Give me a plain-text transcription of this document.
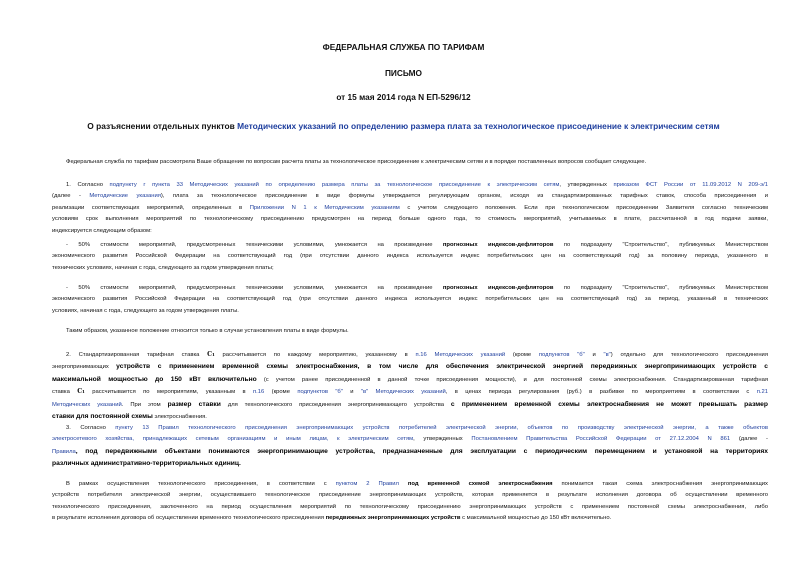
ФЕДЕРАЛЬНАЯ СЛУЖБА ПО ТАРИФАМ
ПИСЬМО
от 15 мая 2014 года N ЕП-5296/12
О разъяснении отдельных пунктов Методических указаний по определению размера плата за технологическое присоединение к электрическим сетям
Федеральная служба по тарифам рассмотрела Ваше обращение по вопросам расчета платы за технологическое присоединение к электрическим сетям и в порядке поставленных вопросов сообщает следующее.
1. Согласно подпункту г пункта 33 Методических указаний по определению размера платы за технологическое присоединение к электрическим сетям, утвержденных приказом ФСТ России от 11.09.2012 N 209-э/1
(далее - Методические указания), плата за технологическое присоединение в виде формулы утверждается регулирующим органом, исходя из стандартизированных тарифных ставок, способа присоединения и
реализации соответствующих мероприятий, определенных в Приложении N 1 к Методическим указаниям с учетом следующего положения. Если при технологическом присоединении Заявителя согласно техническим
условиям срок выполнения мероприятий по технологическому присоединению предусмотрен на период больше одного года, то стоимость мероприятий, учитываемых в плате, рассчитанной в год подачи заявки,
индексируется следующим образом:
- 50% стоимости мероприятий, предусмотренных техническими условиями, умножается на произведение прогнозных индексов-дефляторов по подразделу "Строительство", публикуемых Министерством
экономического развития Российской Федерации на соответствующий год (при отсутствии данного индекса используется индекс потребительских цен на соответствующий год) за половину периода, указанного в
технических условиях, начиная с года, следующего за годом утверждения платы;
- 50% стоимости мероприятий, предусмотренных техническими условиями, умножается на произведение прогнозных индексов-дефляторов по подразделу "Строительство", публикуемых Министерством
экономического развития Российской Федерации на соответствующий год (при отсутствии данного индекса используется индекс потребительских цен на соответствующий год) за период, указанный в технических
условиях, начиная с года, следующего за годом утверждения платы.
Таким образом, указанное положение относится только в случае установления платы в виде формулы.
2. Стандартизированная тарифная ставка C₁ рассчитывается по каждому мероприятию, указанному в п.16 Методических указаний (кроме подпунктов "б" и "в") отдельно для технологического присоединения
энергопринимающих устройств с применением временной схемы электроснабжения, в том числе для обеспечения электрической энергией передвижных энергопринимающих устройств с
максимальной мощностью до 150 кВт включительно (с учетом ранее присоединенной в данной точке присоединения мощности), и для постоянной схемы электроснабжения. Стандартизированная тарифная
ставка C₁ рассчитывается по мероприятиям, указанным в п.16 (кроме подпунктов "б" и "в" Методических указаний, в ценах периода регулирования (руб.) в разбивке по мероприятиям в соответствии с п.21
Методических указаний. При этом размер ставки для технологического присоединения энергопринимающего устройства с применением временной схемы электроснабжения не может превышать размер
ставки для постоянной схемы электроснабжения.
3. Согласно пункту 13 Правил технологического присоединения энергопринимающих устройств потребителей электрической энергии, объектов по производству электрической энергии, а также объектов
электросетевого хозяйства, принадлежащих сетевым организациям и иным лицам, к электрическим сетям, утвержденных Постановлением Правительства Российской Федерации от 27.12.2004 N 861 (далее -
Правила, под передвижными объектами понимаются энергопринимающие устройства, предназначенные для эксплуатации с периодическим перемещением и установкой на территориях
различных административно-территориальных единиц.
В рамках осуществления технологического присоединения, в соответствии с пунктом 2 Правил под временной схемой электроснабжения понимается такая схема электроснабжения энергопринимающих
устройств потребителя электрической энергии, осуществившего технологическое присоединение энергопринимающих устройств, которая применяется в результате исполнения договора об осуществлении временного
технологического присоединения, заключенного на период осуществления мероприятий по технологическому присоединению энергопринимающих устройств с применением постоянной схемы электроснабжения, либо
в результате исполнения договора об осуществлении временного технологического присоединения передвижных энергопринимающих устройств с максимальной мощностью до 150 кВт включительно.
